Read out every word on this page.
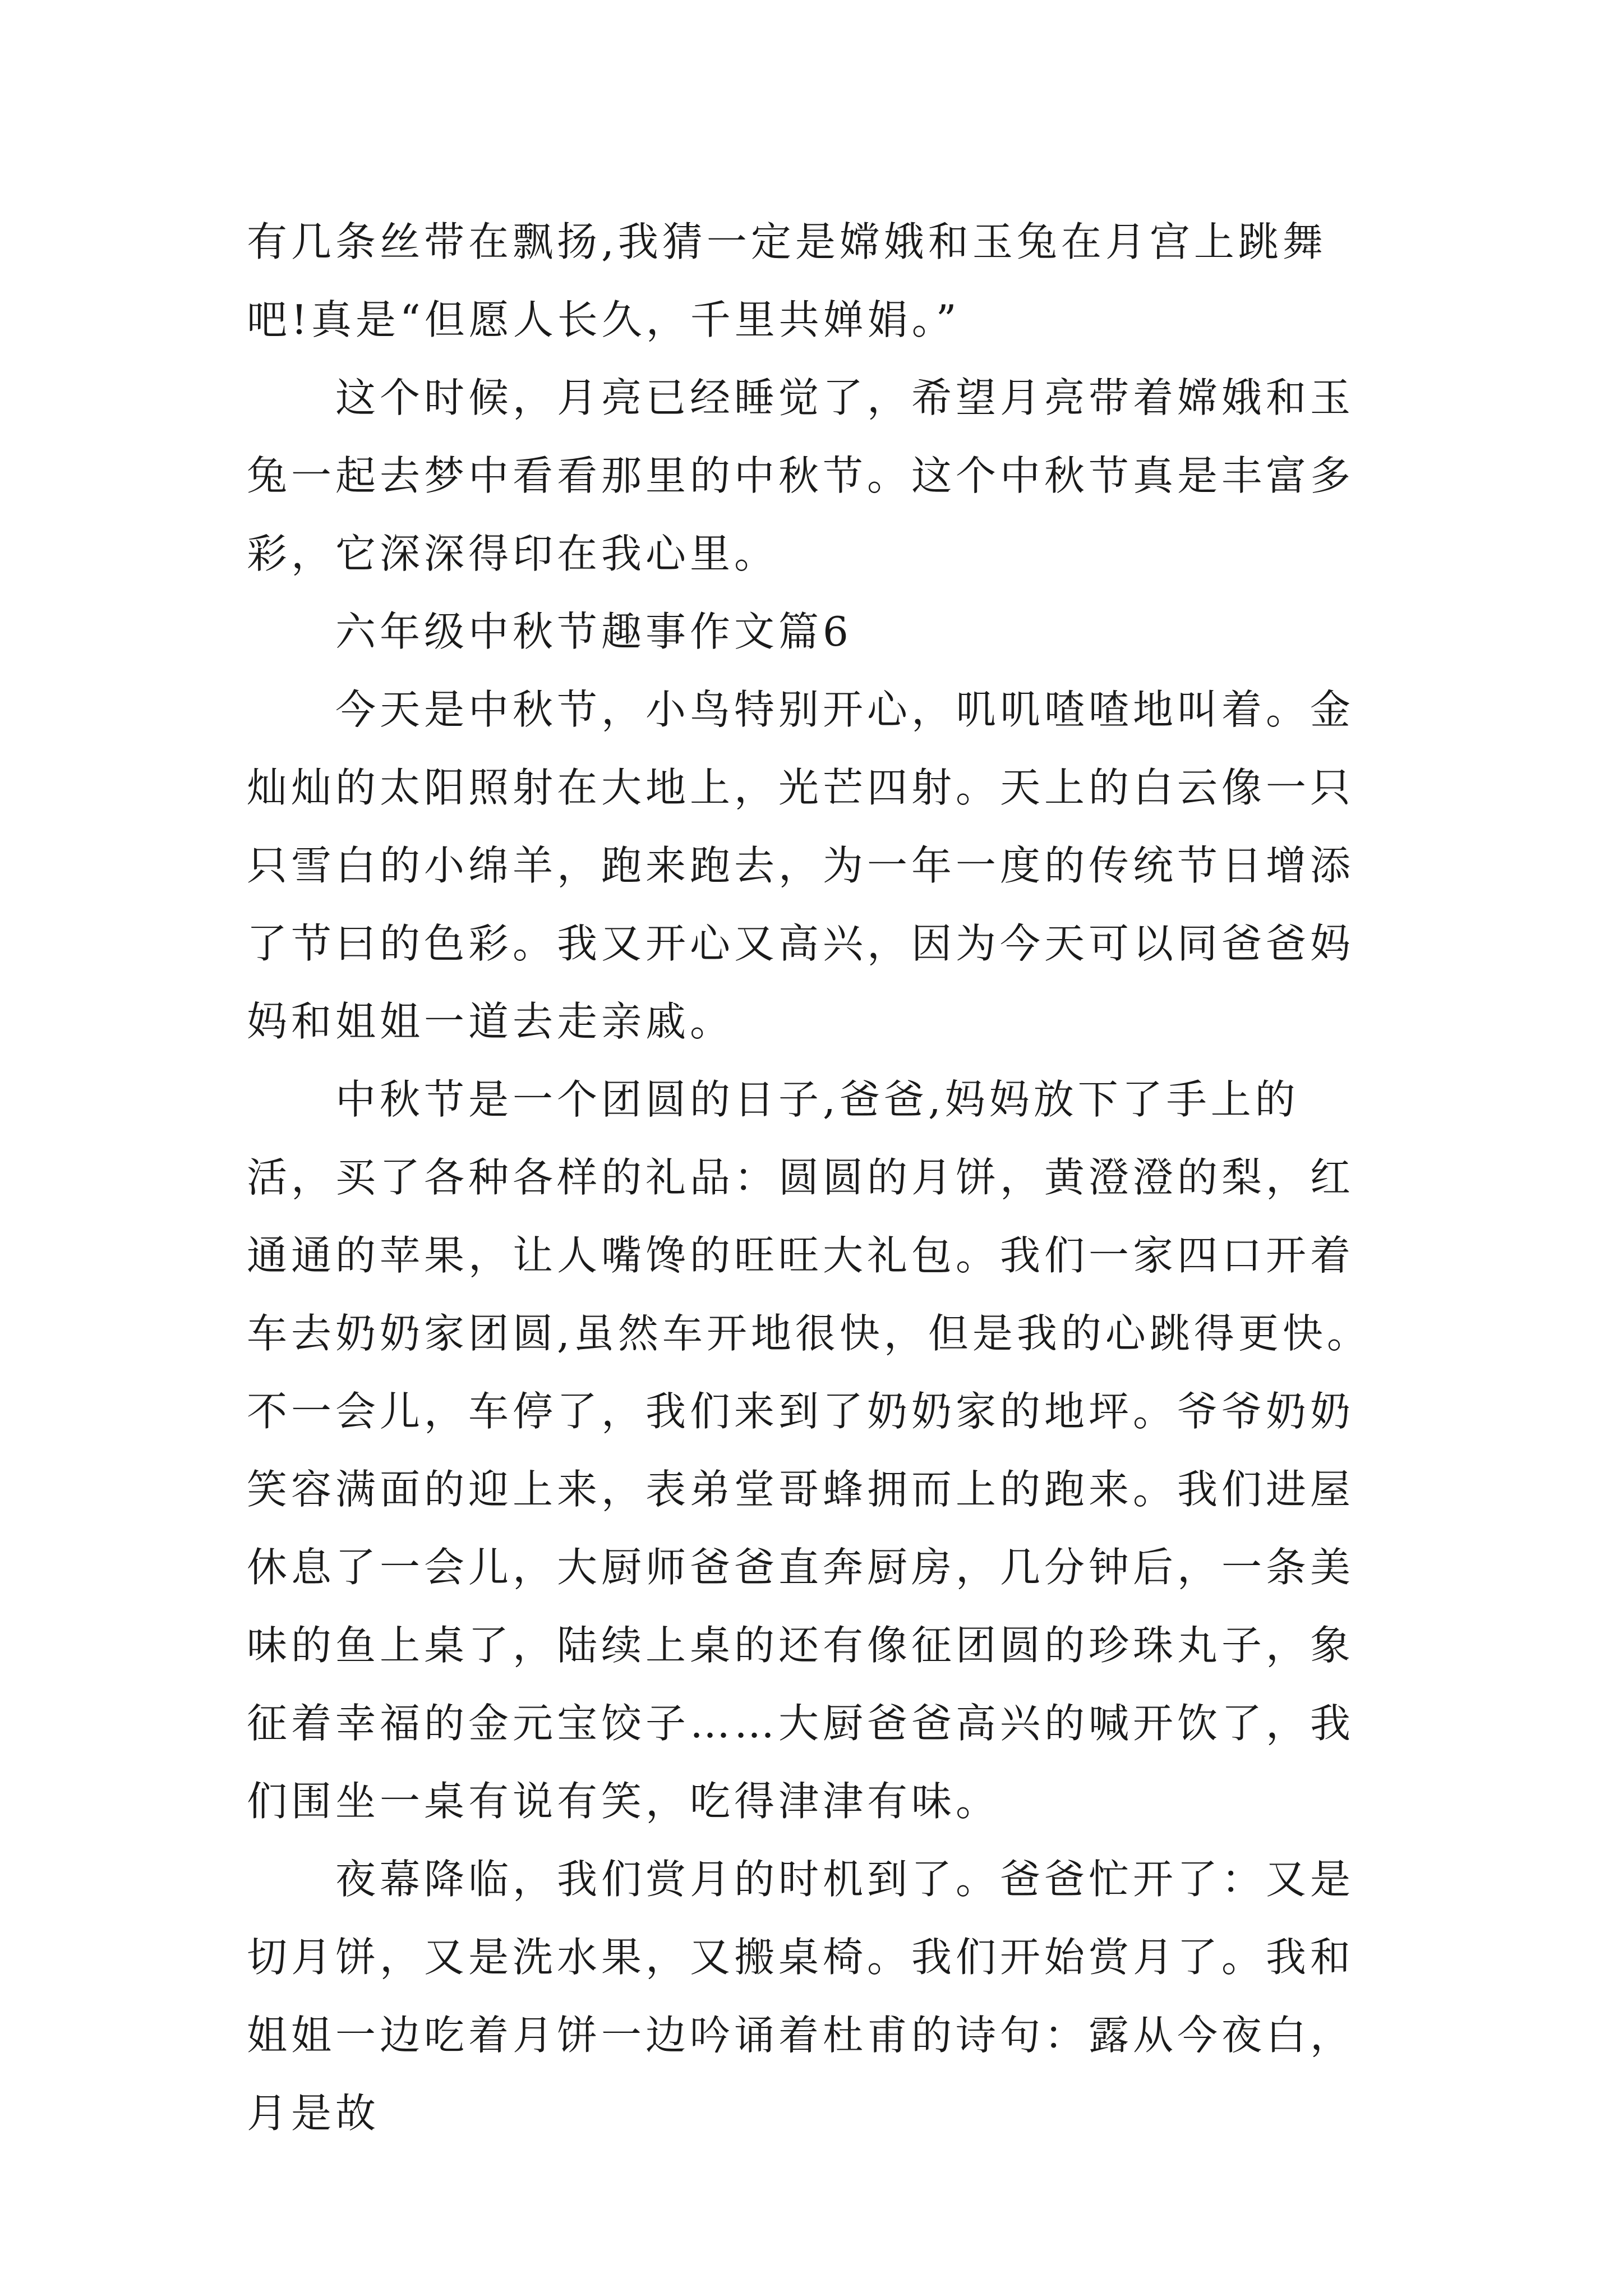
有几条丝带在飘扬,我猜一定是嫦娥和玉兔在月宫上跳舞吧!真是“但愿人长久，千里共婵娟。”

这个时候，月亮已经睡觉了，希望月亮带着嫦娥和玉兔一起去梦中看看那里的中秋节。这个中秋节真是丰富多彩，它深深得印在我心里。

六年级中秋节趣事作文篇6

今天是中秋节，小鸟特别开心，叽叽喳喳地叫着。金灿灿的太阳照射在大地上，光芒四射。天上的白云像一只只雪白的小绵羊，跑来跑去，为一年一度的传统节日增添了节曰的色彩。我又开心又高兴，因为今天可以同爸爸妈妈和姐姐一道去走亲戚。

中秋节是一个团圆的日子,爸爸,妈妈放下了手上的活，买了各种各样的礼品：圆圆的月饼，黄澄澄的梨，红通通的苹果，让人嘴馋的旺旺大礼包。我们一家四口开着车去奶奶家团圆,虽然车开地很快，但是我的心跳得更快。不一会儿，车停了，我们来到了奶奶家的地坪。爷爷奶奶笑容满面的迎上来，表弟堂哥蜂拥而上的跑来。我们进屋休息了一会儿，大厨师爸爸直奔厨房，几分钟后，一条美味的鱼上桌了，陆续上桌的还有像征团圆的珍珠丸子，象征着幸福的金元宝饺子……大厨爸爸高兴的喊开饮了，我们围坐一桌有说有笑，吃得津津有味。

夜幕降临，我们赏月的时机到了。爸爸忙开了：又是切月饼，又是洗水果，又搬桌椅。我们开始赏月了。我和姐姐一边吃着月饼一边吟诵着杜甫的诗句：露从今夜白，月是故
